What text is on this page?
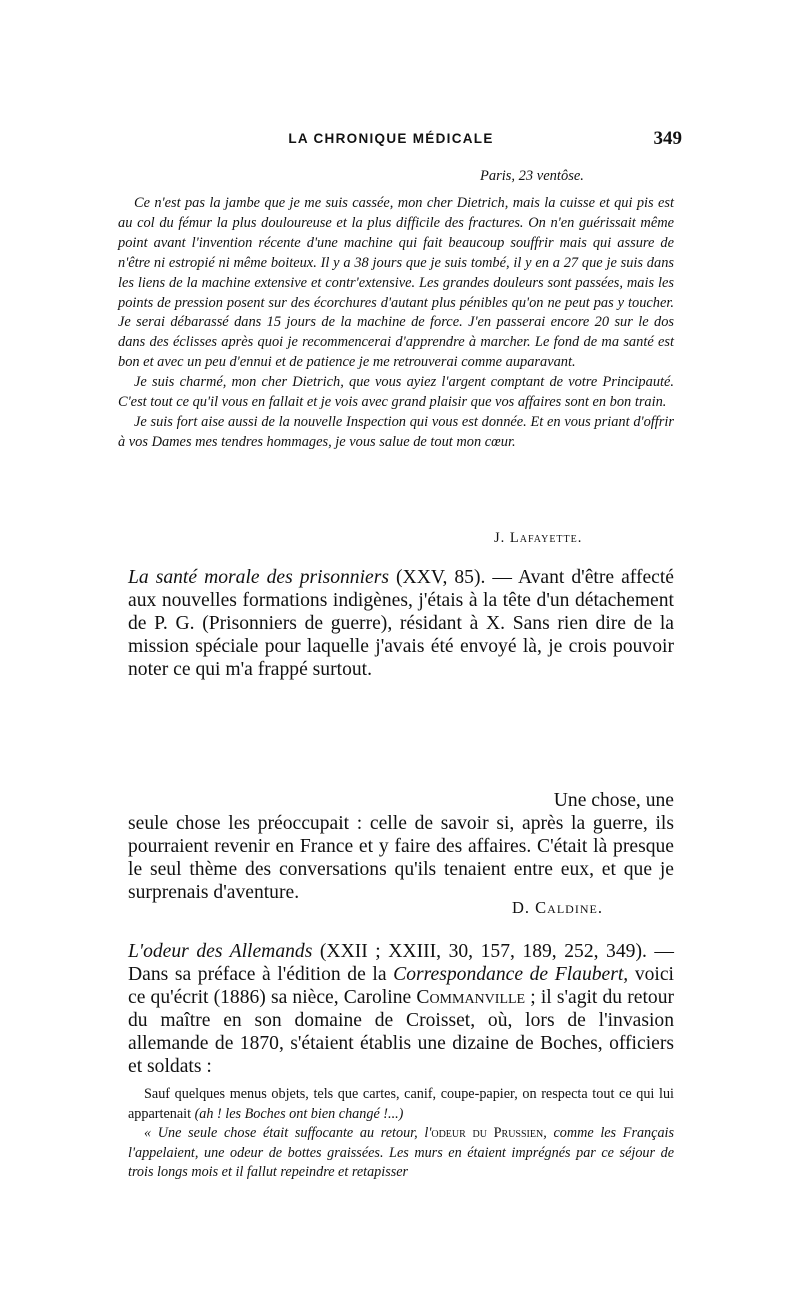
LA CHRONIQUE MÉDICALE	349
Paris, 23 ventôse.

Ce n'est pas la jambe que je me suis cassée, mon cher Dietrich, mais la cuisse et qui pis est au col du fémur la plus douloureuse et la plus difficile des fractures. On n'en guérissait même point avant l'invention récente d'une machine qui fait beaucoup souffrir mais qui assure de n'être ni estropié ni même boiteux. Il y a 38 jours que je suis tombé, il y en a 27 que je suis dans les liens de la machine extensive et contr'extensive. Les grandes douleurs sont passées, mais les points de pression posent sur des écorchures d'autant plus pénibles qu'on ne peut pas y toucher. Je serai débarassé dans 15 jours de la machine de force. J'en passerai encore 20 sur le dos dans des éclisses après quoi je recommencerai d'apprendre à marcher. Le fond de ma santé est bon et avec un peu d'ennui et de patience je me retrouverai comme auparavant.

Je suis charmé, mon cher Dietrich, que vous ayiez l'argent comptant de votre Principauté. C'est tout ce qu'il vous en fallait et je vois avec grand plaisir que vos affaires sont en bon train.

Je suis fort aise aussi de la nouvelle Inspection qui vous est donnée. Et en vous priant d'offrir à vos Dames mes tendres hommages, je vous salue de tout mon cœur.

J. Lafayette.

La santé morale des prisonniers (XXV, 85). — Avant d'être affecté aux nouvelles formations indigènes, j'étais à la tête d'un détachement de P. G. (Prisonniers de guerre), résidant à X. Sans rien dire de la mission spéciale pour laquelle j'avais été envoyé là, je crois pouvoir noter ce qui m'a frappé surtout.

Une chose, une

seule chose les préoccupait : celle de savoir si, après la guerre, ils pourraient revenir en France et y faire des affaires. C'était là presque le seul thème des conversations qu'ils tenaient entre eux, et que je surprenais d'aventure.

D. Caldine.

L'odeur des Allemands (XXII ; XXIII, 30, 157, 189, 252, 349). — Dans sa préface à l'édition de la Correspondance de Flaubert, voici ce qu'écrit (1886) sa nièce, Caroline Commanville ; il s'agit du retour du maître en son domaine de Croisset, où, lors de l'invasion allemande de 1870, s'étaient établis une dizaine de Boches, officiers et soldats :

Sauf quelques menus objets, tels que cartes, canif, coupe-papier, on respecta tout ce qui lui appartenait (ah ! les Boches ont bien changé !...)

« Une seule chose était suffocante au retour, l'odeur du Prussien, comme les Français l'appelaient, une odeur de bottes graissées. Les murs en étaient imprégnés par ce séjour de trois longs mois et il fallut repeindre et retapisser
